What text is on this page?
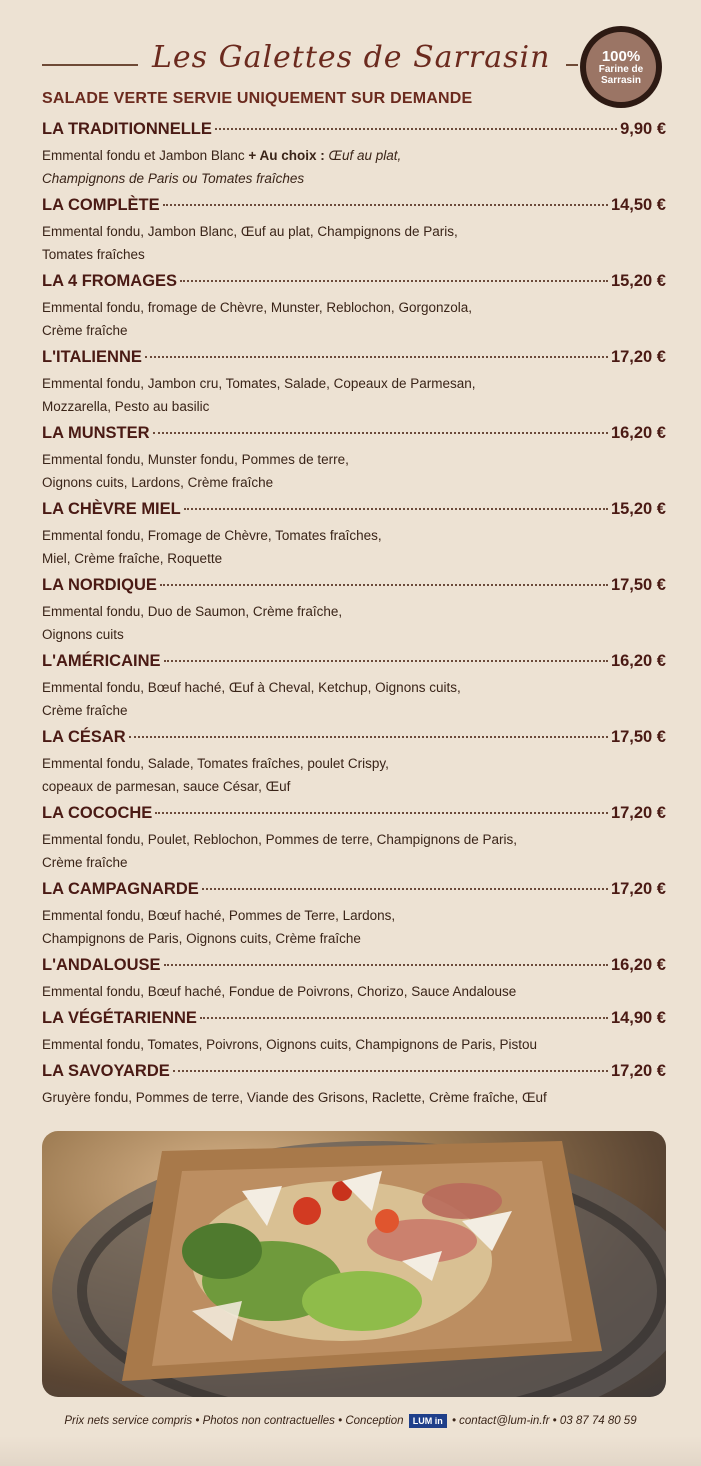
Les Galettes de Sarrasin	100%
Farine de
Sarrasin
SALADE VERTE SERVIE UNIQUEMENT SUR DEMANDE
LA TRADITIONNELLE	9,90 €
Emmental fondu et Jambon Blanc + Au choix : Œuf au plat,
Champignons de Paris ou Tomates fraîches
LA COMPLÈTE	14,50 €
Emmental fondu, Jambon Blanc, Œuf au plat, Champignons de Paris,
Tomates fraîches
LA 4 FROMAGES	15,20 €
Emmental fondu, fromage de Chèvre, Munster, Reblochon, Gorgonzola,
Crème fraîche
L'ITALIENNE	17,20 €
Emmental fondu, Jambon cru, Tomates, Salade, Copeaux de Parmesan,
Mozzarella, Pesto au basilic
LA MUNSTER	16,20 €
Emmental fondu, Munster fondu, Pommes de terre,
Oignons cuits, Lardons, Crème fraîche
LA CHÈVRE MIEL	15,20 €
Emmental fondu, Fromage de Chèvre, Tomates fraîches,
Miel, Crème fraîche, Roquette
LA NORDIQUE	17,50 €
Emmental fondu, Duo de Saumon, Crème fraîche,
Oignons cuits
L'AMÉRICAINE	16,20 €
Emmental fondu, Bœuf haché, Œuf à Cheval, Ketchup, Oignons cuits,
Crème fraîche
LA CÉSAR	17,50 €
Emmental fondu, Salade, Tomates fraîches, poulet Crispy,
copeaux de parmesan, sauce César, Œuf
LA COCOCHE	17,20 €
Emmental fondu, Poulet, Reblochon, Pommes de terre, Champignons de Paris,
Crème fraîche
LA CAMPAGNARDE	17,20 €
Emmental fondu, Bœuf haché, Pommes de Terre, Lardons,
Champignons de Paris, Oignons cuits, Crème fraîche
L'ANDALOUSE	16,20 €
Emmental fondu, Bœuf haché, Fondue de Poivrons, Chorizo, Sauce Andalouse
LA VÉGÉTARIENNE	14,90 €
Emmental fondu, Tomates, Poivrons, Oignons cuits, Champignons de Paris, Pistou
LA SAVOYARDE	17,20 €
Gruyère fondu, Pommes de terre, Viande des Grisons, Raclette, Crème fraîche, Œuf
Prix nets service compris • Photos non contractuelles • Conception LUM in • contact@lum-in.fr • 03 87 74 80 59
